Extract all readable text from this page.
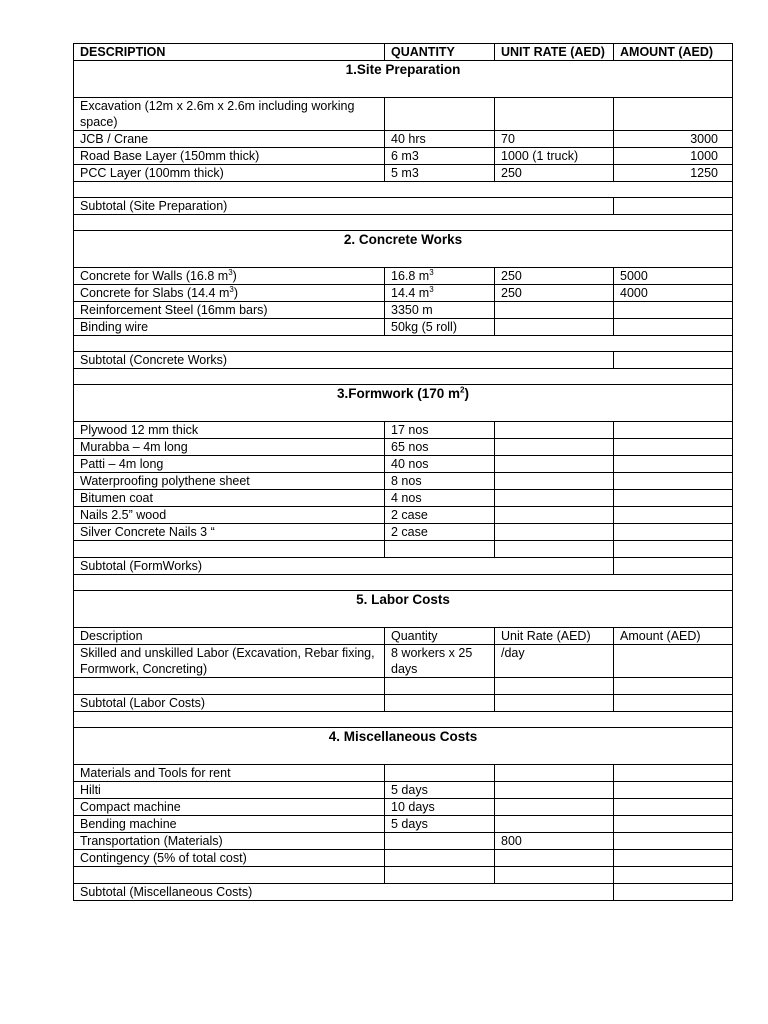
DESCRIPTION	QUANTITY	UNIT RATE (AED)	AMOUNT (AED)
1.Site Preparation			
Excavation (12m x 2.6m x 2.6m including working space)			
JCB / Crane	40 hrs	70	3000
Road Base Layer (150mm thick)	6 m3	1000 (1 truck)	1000
PCC Layer (100mm thick)	5 m3	250	1250

Subtotal (Site Preparation)			

2. Concrete Works			
Concrete for Walls (16.8 $m^3$)	16.8 $m^3$	250	5000
Concrete for Slabs (14.4 $m^3$)	14.4 $m^3$	250	4000
Reinforcement Steel (16mm bars)	3350 m		
Binding wire	50kg (5 roll)		

Subtotal (Concrete Works)			

3.Formwork (170 $m^2$)			
Plywood 12 mm thick	17 nos		
Murabba – 4m long	65 nos		
Patti – 4m long	40 nos		
Waterproofing polythene sheet	8 nos		
Bitumen coat	4 nos		
Nails 2.5” wood	2 case		
Silver Concrete Nails 3 “	2 case		

Subtotal (FormWorks)			

5. Labor Costs			
Description	Quantity	Unit Rate (AED)	Amount (AED)
Skilled and unskilled Labor (Excavation, Rebar fixing, Formwork, Concreting)	8 workers x 25 days	/day	

Subtotal (Labor Costs)			

4. Miscellaneous Costs			
Materials and Tools for rent			
Hilti	5 days		
Compact machine	10 days		
Bending machine	5 days		
Transportation (Materials)		800	
Contingency (5% of total cost)			

Subtotal (Miscellaneous Costs)			
